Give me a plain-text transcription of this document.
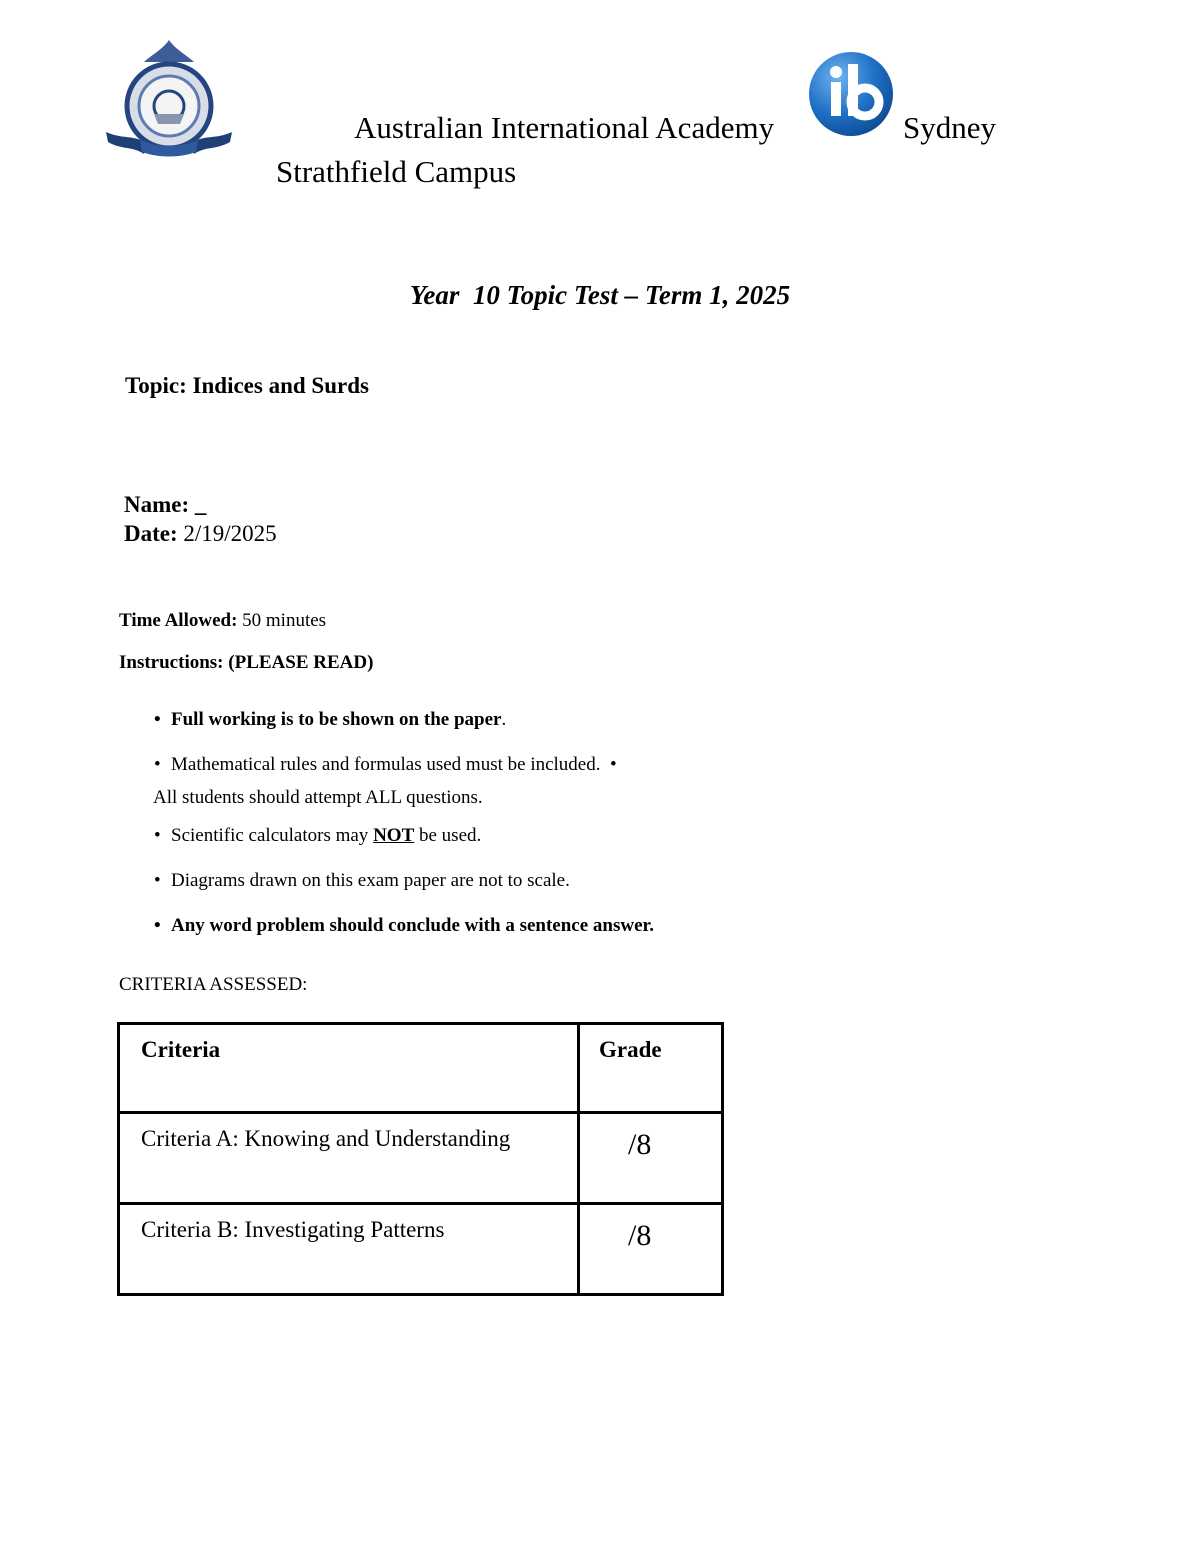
Australian International Academy	Sydney
Strathfield Campus
Year  10 Topic Test – Term 1, 2025
Topic: Indices and Surds
Name: _
Date: 2/19/2025
Time Allowed: 50 minutes
Instructions: (PLEASE READ)
• Full working is to be shown on the paper.
• Mathematical rules and formulas used must be included. •
All students should attempt ALL questions.
• Scientific calculators may NOT be used.
• Diagrams drawn on this exam paper are not to scale.
• Any word problem should conclude with a sentence answer.
CRITERIA ASSESSED:
Criteria	Grade
Criteria A: Knowing and Understanding	/8
Criteria B: Investigating Patterns	/8
